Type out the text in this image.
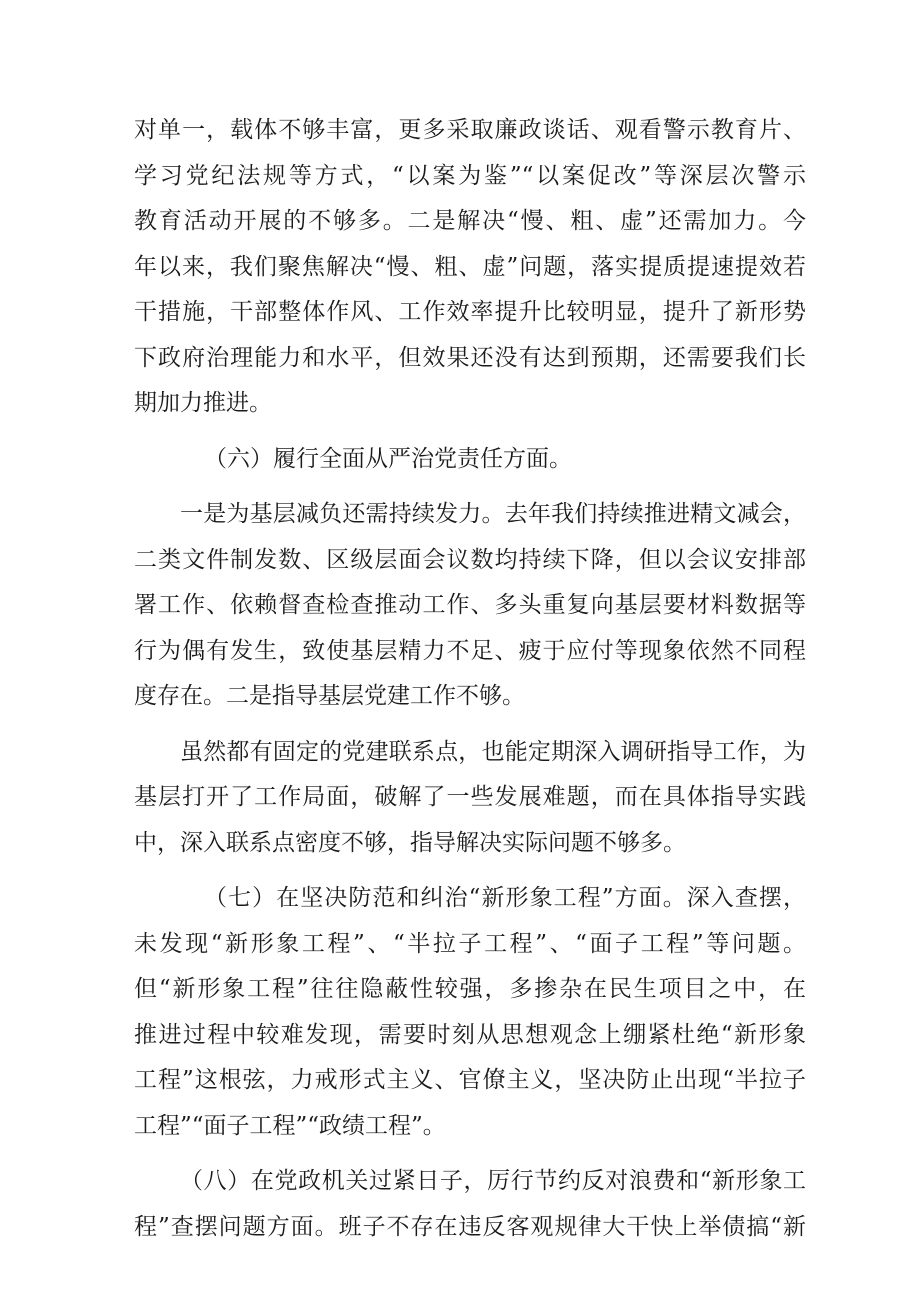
对单一，载体不够丰富，更多采取廉政谈话、观看警示教育片、
学习党纪法规等方式，“以案为鉴”“以案促改”等深层次警示
教育活动开展的不够多。二是解决“慢、粗、虚”还需加力。今
年以来，我们聚焦解决“慢、粗、虚”问题，落实提质提速提效若
干措施，干部整体作风、工作效率提升比较明显，提升了新形势
下政府治理能力和水平，但效果还没有达到预期，还需要我们长
期加力推进。
（六）履行全面从严治党责任方面。
一是为基层减负还需持续发力。去年我们持续推进精文减会，
二类文件制发数、区级层面会议数均持续下降，但以会议安排部
署工作、依赖督查检查推动工作、多头重复向基层要材料数据等
行为偶有发生，致使基层精力不足、疲于应付等现象依然不同程
度存在。二是指导基层党建工作不够。
虽然都有固定的党建联系点，也能定期深入调研指导工作，为
基层打开了工作局面，破解了一些发展难题，而在具体指导实践
中，深入联系点密度不够，指导解决实际问题不够多。
（七）在坚决防范和纠治“新形象工程”方面。深入查摆，
未发现“新形象工程”、“半拉子工程”、“面子工程”等问题。
但“新形象工程”往往隐蔽性较强，多掺杂在民生项目之中，在
推进过程中较难发现，需要时刻从思想观念上绷紧杜绝“新形象
工程”这根弦，力戒形式主义、官僚主义，坚决防止出现“半拉子
工程”“面子工程”“政绩工程”。
（八）在党政机关过紧日子，厉行节约反对浪费和“新形象工
程”查摆问题方面。班子不存在违反客观规律大干快上举债搞“新
